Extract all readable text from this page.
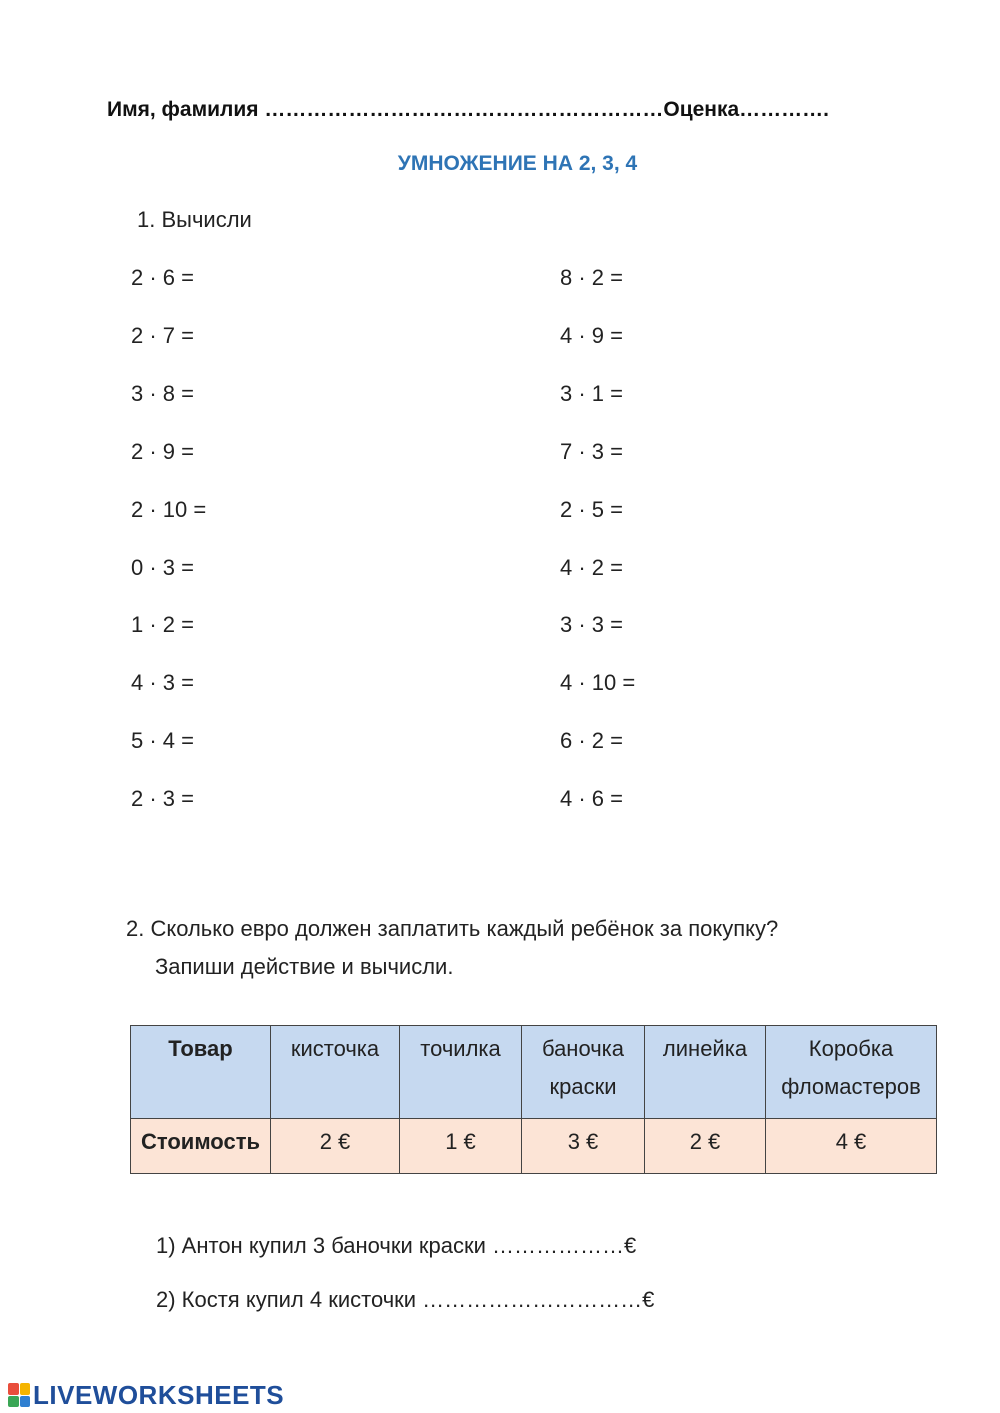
Имя, фамилия …………………………………………………Оценка………….
УМНОЖЕНИЕ НА 2, 3, 4
1. Вычисли
2 · 6 =
2 · 7 =
3 · 8 =
2 · 9 =
2 · 10 =
0 · 3 =
1 · 2 =
4 · 3 =
5 · 4 =
2 · 3 =
8 · 2 =
4 · 9 =
3 · 1 =
7 · 3 =
2 · 5 =
4 · 2 =
3 · 3 =
4 · 10 =
6 · 2 =
4 · 6 =
2. Сколько евро должен заплатить каждый ребёнок за покупку?
Запиши действие и вычисли.
Товар	кисточка	точилка	баночка краски	линейка	Коробка фломастеров
Стоимость	2 €	1 €	3 €	2 €	4 €
1) Антон купил 3 баночки краски ………………€
2) Костя купил 4 кисточки …………………………€
LIVEWORKSHEETS
